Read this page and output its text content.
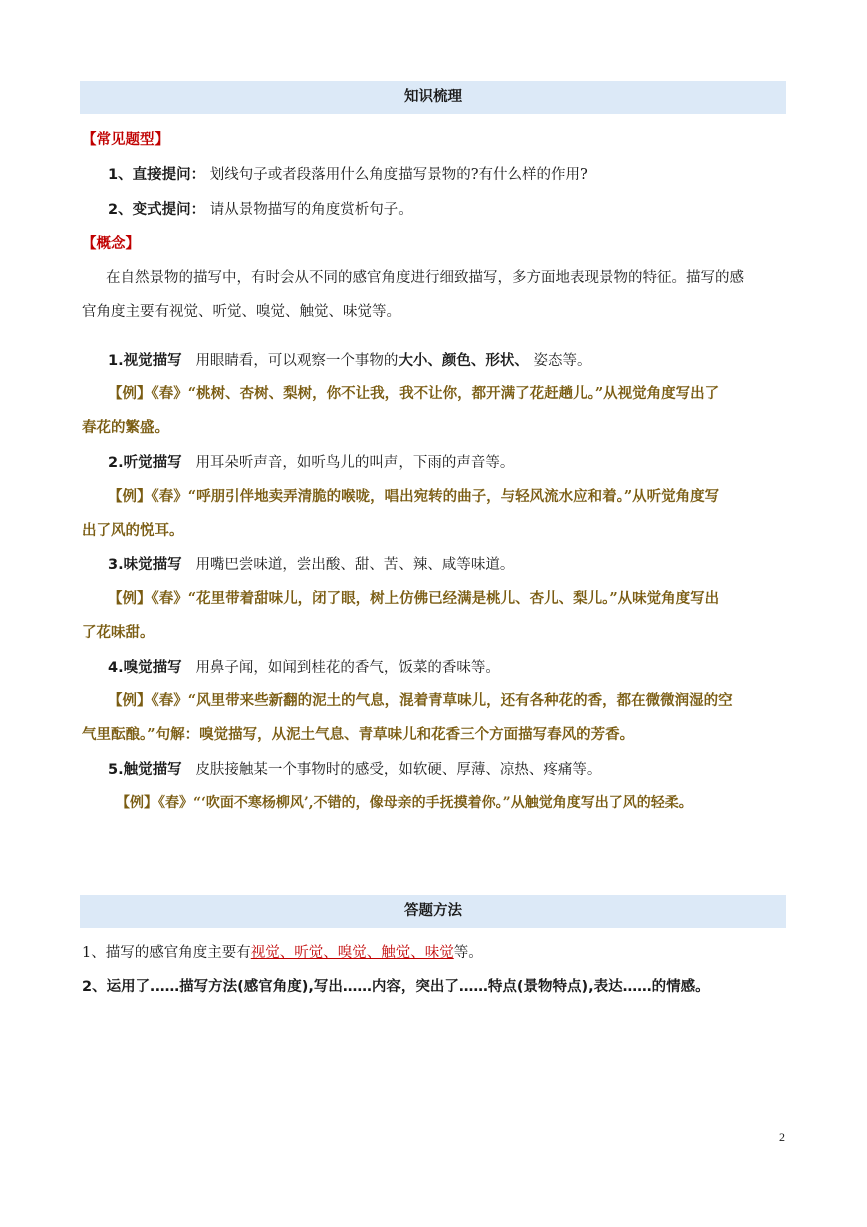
知识梳理
【常见题型】
1、直接提问： 划线句子或者段落用什么角度描写景物的?有什么样的作用?
2、变式提问： 请从景物描写的角度赏析句子。
【概念】
在自然景物的描写中，有时会从不同的感官角度进行细致描写，多方面地表现景物的特征。描写的感
官角度主要有视觉、听觉、嗅觉、触觉、味觉等。
1.视觉描写 用眼睛看，可以观察一个事物的大小、颜色、形状、 姿态等。
【例】《春》“桃树、杏树、梨树，你不让我，我不让你，都开满了花赶趟儿。”从视觉角度写出了
春花的繁盛。
2.听觉描写 用耳朵听声音，如听鸟儿的叫声，下雨的声音等。
【例】《春》“呼朋引伴地卖弄清脆的喉咙，唱出宛转的曲子，与轻风流水应和着。”从听觉角度写
出了风的悦耳。
3.味觉描写 用嘴巴尝味道，尝出酸、甜、苦、辣、咸等味道。
【例】《春》“花里带着甜味儿，闭了眼，树上仿佛已经满是桃儿、杏儿、梨儿。”从味觉角度写出
了花味甜。
4.嗅觉描写 用鼻子闻，如闻到桂花的香气，饭菜的香味等。
【例】《春》“风里带来些新翻的泥土的气息，混着青草味儿，还有各种花的香，都在微微润湿的空
气里酝酿。”句解：嗅觉描写，从泥土气息、青草味儿和花香三个方面描写春风的芳香。
5.触觉描写 皮肤接触某一个事物时的感受，如软硬、厚薄、凉热、疼痛等。
【例】《春》“‘吹面不寒杨柳风’,不错的，像母亲的手抚摸着你。”从触觉角度写出了风的轻柔。
答题方法
1、描写的感官角度主要有视觉、听觉、嗅觉、触觉、味觉等。
2、运用了……描写方法(感官角度),写出……内容，突出了……特点(景物特点),表达……的情感。
2
